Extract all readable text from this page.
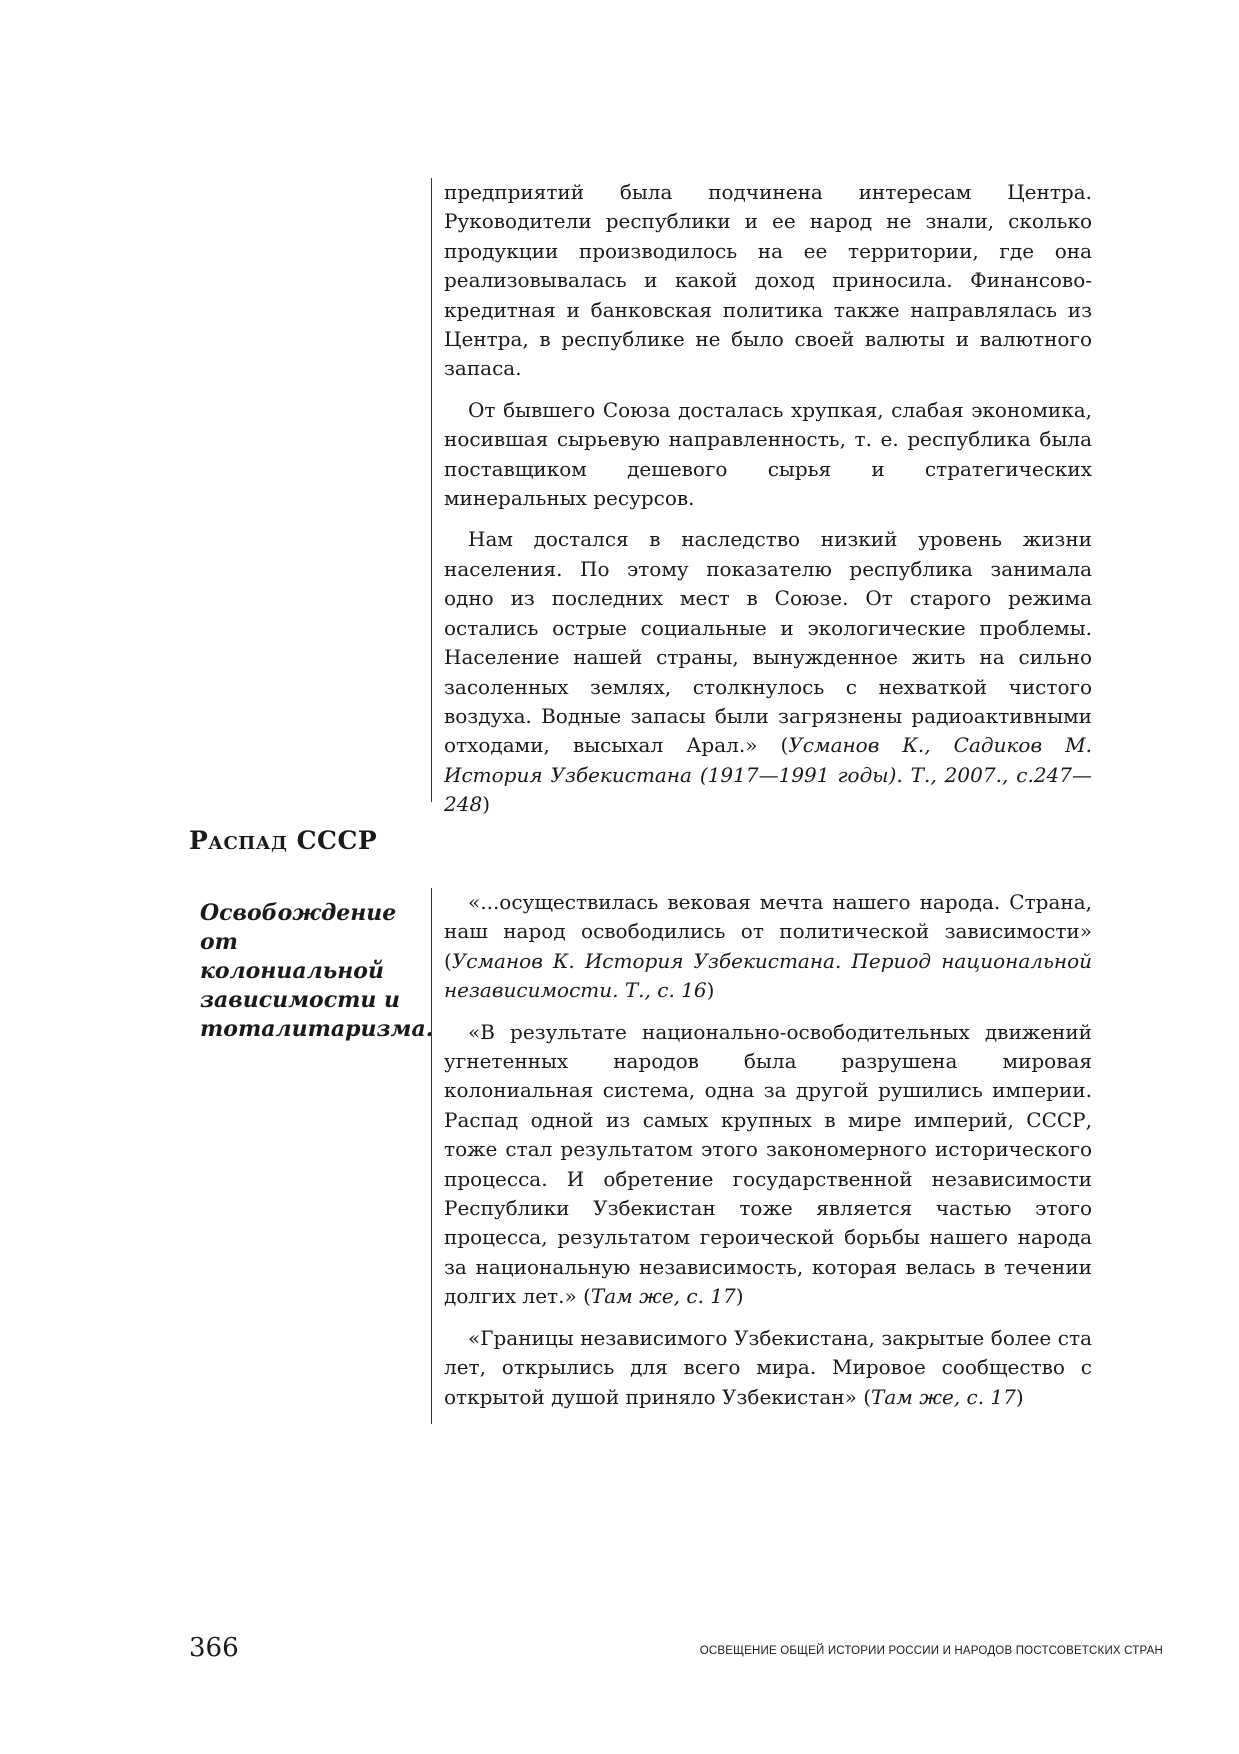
предприятий была подчинена интересам Центра. Руководители республики и ее народ не знали, сколько продукции производилось на ее территории, где она реализовывалась и какой доход приносила. Финансово-кредитная и банковская политика также направлялась из Центра, в республике не было своей валюты и валютного запаса.

От бывшего Союза досталась хрупкая, слабая экономика, носившая сырьевую направленность, т. е. республика была поставщиком дешевого сырья и стратегических минеральных ресурсов.

Нам достался в наследство низкий уровень жизни населения. По этому показателю республика занимала одно из последних мест в Союзе. От старого режима остались острые социальные и экологические проблемы. Население нашей страны, вынужденное жить на сильно засоленных землях, столкнулось с нехваткой чистого воздуха. Водные запасы были загрязнены радиоактивными отходами, высыхал Арал.» (Усманов К., Садиков М. История Узбекистана (1917—1991 годы). Т., 2007., с.247—248)

Распад СССР
Освобождение от колониальной зависимости и тоталитаризма.

«...осуществилась вековая мечта нашего народа. Страна, наш народ освободились от политической зависимости» (Усманов К. История Узбекистана. Период национальной независимости. Т., с. 16)

«В результате национально-освободительных движений угнетенных народов была разрушена мировая колониальная система, одна за другой рушились империи. Распад одной из самых крупных в мире империй, СССР, тоже стал результатом этого закономерного исторического процесса. И обретение государственной независимости Республики Узбекистан тоже является частью этого процесса, результатом героической борьбы нашего народа за национальную независимость, которая велась в течении долгих лет.» (Там же, с. 17)

«Границы независимого Узбекистана, закрытые более ста лет, открылись для всего мира. Мировое сообщество с открытой душой приняло Узбекистан» (Там же, с. 17)

366	ОСВЕЩЕНИЕ ОБЩЕЙ ИСТОРИИ РОССИИ И НАРОДОВ ПОСТСОВЕТСКИХ СТРАН
